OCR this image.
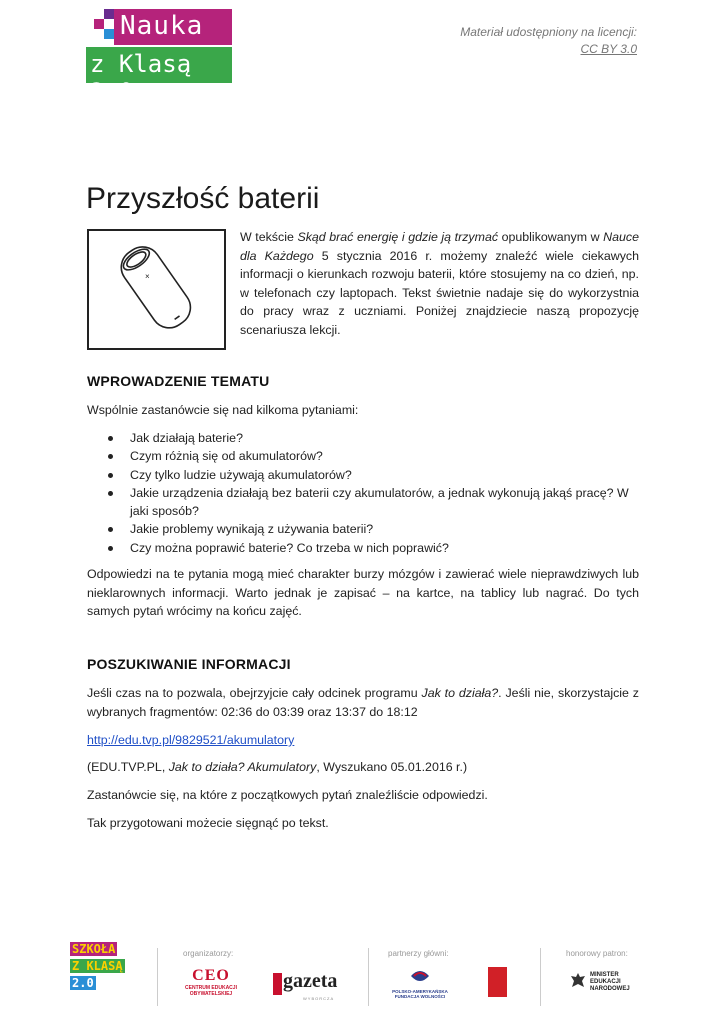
Nauka
z Klasą 2.0
Materiał udostępniony na licencji:
CC BY 3.0
Przyszłość baterii
×
W tekście Skąd brać energię i gdzie ją trzymać opublikowanym w Nauce dla Każdego 5 stycznia 2016 r. możemy znaleźć wiele ciekawych informacji o kierunkach rozwoju baterii, które stosujemy na co dzień, np. w telefonach czy laptopach. Tekst świetnie nadaje się do wykorzystnia do pracy wraz z uczniami. Poniżej znajdziecie naszą propozycję scenariusza lekcji.
WPROWADZENIE TEMATU

Wspólnie zastanówcie się nad kilkoma pytaniami:

Jak działają baterie?
Czym różnią się od akumulatorów?
Czy tylko ludzie używają akumulatorów?
Jakie urządzenia działają bez baterii czy akumulatorów, a jednak wykonują jakąś pracę? W jaki sposób?
Jakie problemy wynikają z używania baterii?
Czy można poprawić baterie? Co trzeba w nich poprawić?

Odpowiedzi na te pytania mogą mieć charakter burzy mózgów i zawierać wiele nieprawdziwych lub nieklarownych informacji. Warto jednak je zapisać – na kartce, na tablicy lub nagrać. Do tych samych pytań wrócimy na końcu zajęć.

POSZUKIWANIE INFORMACJI

Jeśli czas na to pozwala, obejrzyjcie cały odcinek programu Jak to działa?. Jeśli nie, skorzystajcie z wybranych fragmentów: 02:36 do 03:39 oraz 13:37 do 18:12

http://edu.tvp.pl/9829521/akumulatory

(EDU.TVP.PL, Jak to działa? Akumulatory, Wyszukano 05.01.2016 r.)

Zastanówcie się, na które z początkowych pytań znaleźliście odpowiedzi.

Tak przygotowani możecie sięgnąć po tekst.

SZKOŁA
Z KLASĄ
2.0
organizatorzy:
CEO
CENTRUM EDUKACJI OBYWATELSKIEJ
gazeta
WYBORCZA
partnerzy główni:
POLSKO-AMERYKAŃSKA FUNDACJA WOLNOŚCI
honorowy patron:
MINISTER EDUKACJI NARODOWEJ
